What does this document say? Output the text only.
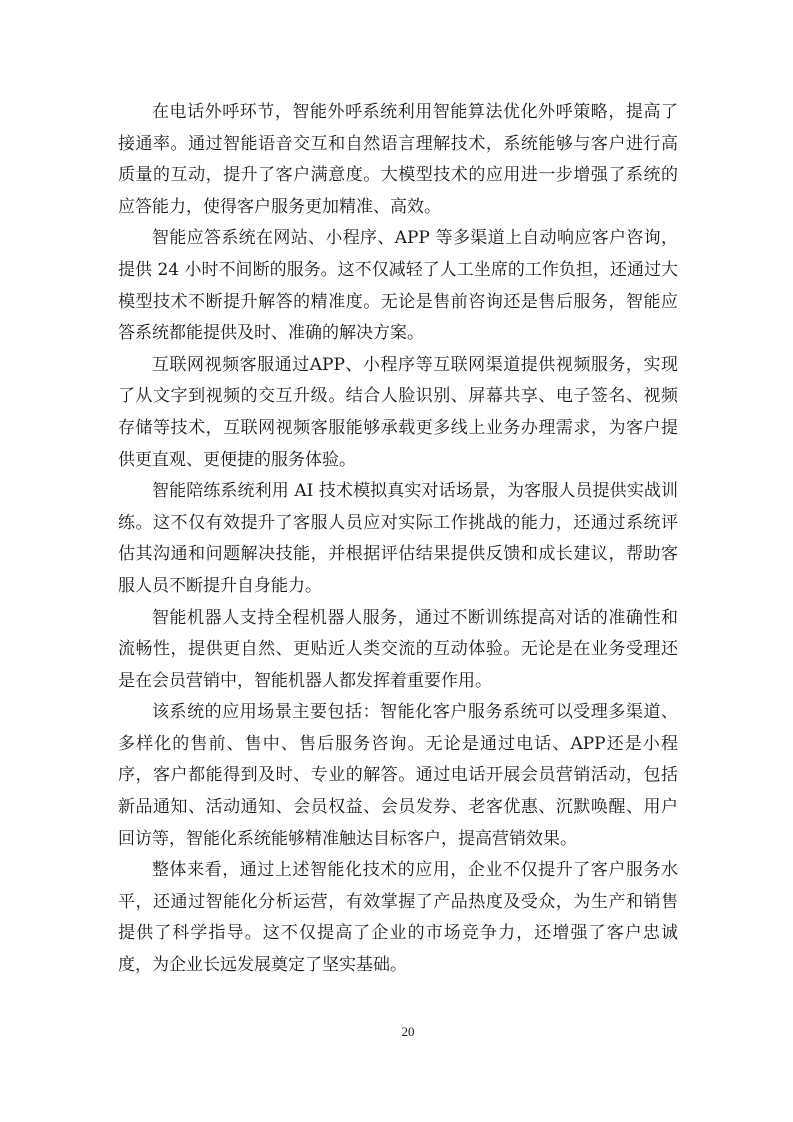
在电话外呼环节，智能外呼系统利用智能算法优化外呼策略，提高了接通率。通过智能语音交互和自然语言理解技术，系统能够与客户进行高质量的互动，提升了客户满意度。大模型技术的应用进一步增强了系统的应答能力，使得客户服务更加精准、高效。

智能应答系统在网站、小程序、APP 等多渠道上自动响应客户咨询，提供 24 小时不间断的服务。这不仅减轻了人工坐席的工作负担，还通过大模型技术不断提升解答的精准度。无论是售前咨询还是售后服务，智能应答系统都能提供及时、准确的解决方案。

互联网视频客服通过APP、小程序等互联网渠道提供视频服务，实现了从文字到视频的交互升级。结合人脸识别、屏幕共享、电子签名、视频存储等技术，互联网视频客服能够承载更多线上业务办理需求，为客户提供更直观、更便捷的服务体验。

智能陪练系统利用 AI 技术模拟真实对话场景，为客服人员提供实战训练。这不仅有效提升了客服人员应对实际工作挑战的能力，还通过系统评估其沟通和问题解决技能，并根据评估结果提供反馈和成长建议，帮助客服人员不断提升自身能力。

智能机器人支持全程机器人服务，通过不断训练提高对话的准确性和流畅性，提供更自然、更贴近人类交流的互动体验。无论是在业务受理还是在会员营销中，智能机器人都发挥着重要作用。

该系统的应用场景主要包括：智能化客户服务系统可以受理多渠道、多样化的售前、售中、售后服务咨询。无论是通过电话、APP还是小程序，客户都能得到及时、专业的解答。通过电话开展会员营销活动，包括新品通知、活动通知、会员权益、会员发券、老客优惠、沉默唤醒、用户回访等，智能化系统能够精准触达目标客户，提高营销效果。

整体来看，通过上述智能化技术的应用，企业不仅提升了客户服务水平，还通过智能化分析运营，有效掌握了产品热度及受众，为生产和销售提供了科学指导。这不仅提高了企业的市场竞争力，还增强了客户忠诚度，为企业长远发展奠定了坚实基础。

20
